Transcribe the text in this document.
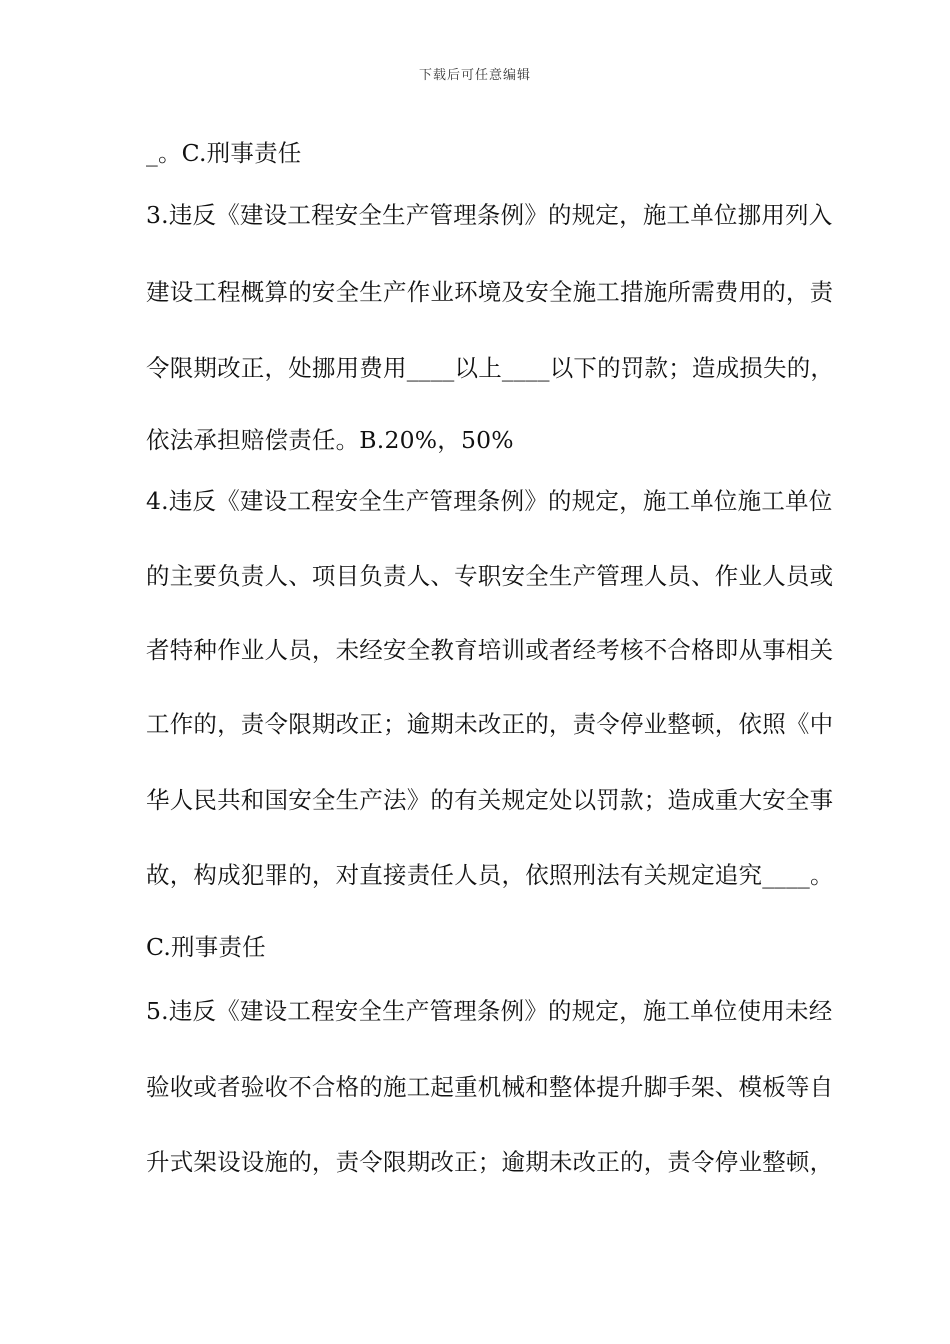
下载后可任意编辑
_。C.刑事责任
3.违反《建设工程安全生产管理条例》的规定，施工单位挪用列入
建设工程概算的安全生产作业环境及安全施工措施所需费用的，责
令限期改正，处挪用费用____以上____以下的罚款；造成损失的，
依法承担赔偿责任。B.20%，50%
4.违反《建设工程安全生产管理条例》的规定，施工单位施工单位
的主要负责人、项目负责人、专职安全生产管理人员、作业人员或
者特种作业人员，未经安全教育培训或者经考核不合格即从事相关
工作的，责令限期改正；逾期未改正的，责令停业整顿，依照《中
华人民共和国安全生产法》的有关规定处以罚款；造成重大安全事
故，构成犯罪的，对直接责任人员，依照刑法有关规定追究____。
C.刑事责任
5.违反《建设工程安全生产管理条例》的规定，施工单位使用未经
验收或者验收不合格的施工起重机械和整体提升脚手架、模板等自
升式架设设施的，责令限期改正；逾期未改正的，责令停业整顿，
